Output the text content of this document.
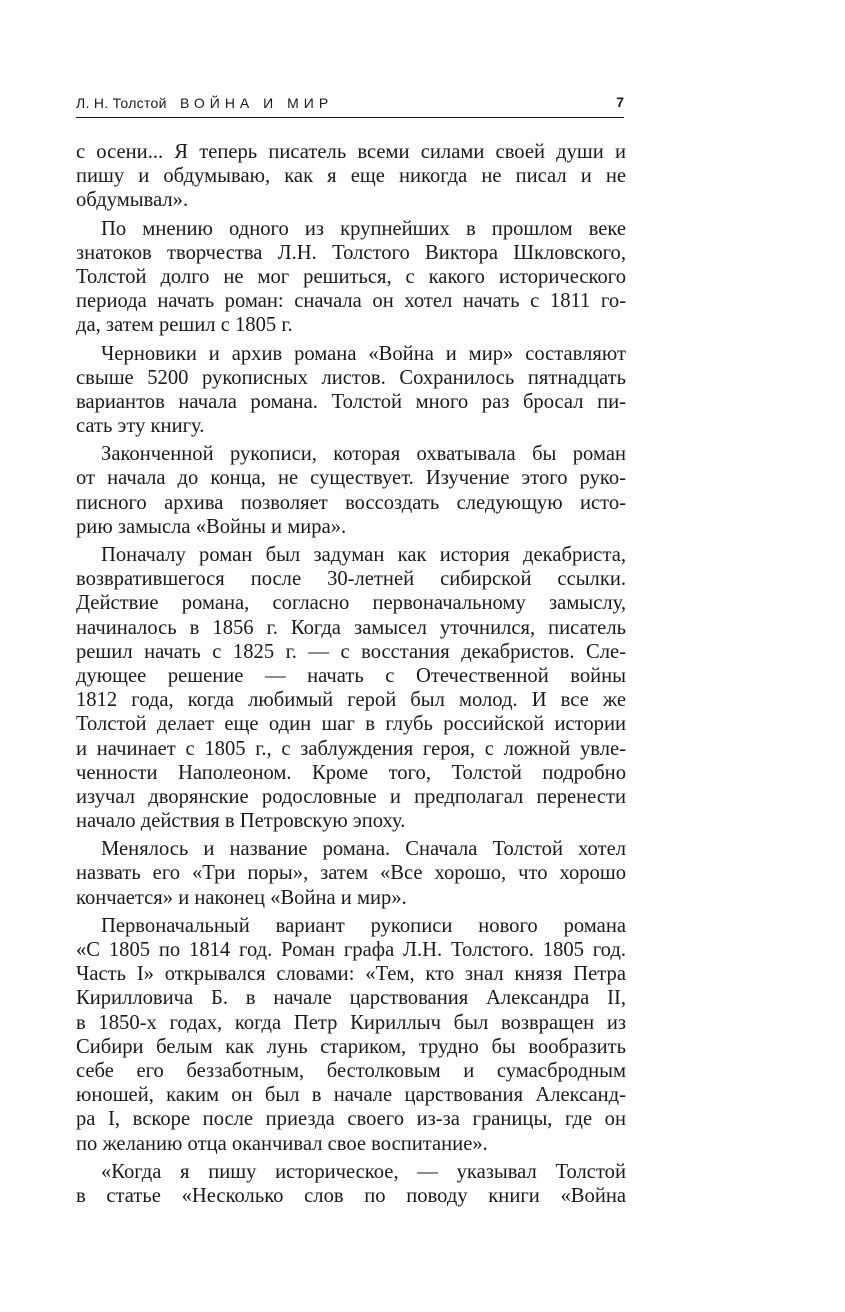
Л. Н. Толстой ВОЙНА И МИР	7
с осени... Я теперь писатель всеми силами своей души и
пишу и обдумываю, как я еще никогда не писал и не
обдумывал».
По мнению одного из крупнейших в прошлом веке
знатоков творчества Л.Н. Толстого Виктора Шкловского,
Толстой долго не мог решиться, с какого исторического
периода начать роман: сначала он хотел начать с 1811 го-
да, затем решил с 1805 г.
Черновики и архив романа «Война и мир» составляют
свыше 5200 рукописных листов. Сохранилось пятнадцать
вариантов начала романа. Толстой много раз бросал пи-
сать эту книгу.
Законченной рукописи, которая охватывала бы роман
от начала до конца, не существует. Изучение этого руко-
писного архива позволяет воссоздать следующую исто-
рию замысла «Войны и мира».
Поначалу роман был задуман как история декабриста,
возвратившегося после 30-летней сибирской ссылки.
Действие романа, согласно первоначальному замыслу,
начиналось в 1856 г. Когда замысел уточнился, писатель
решил начать с 1825 г. — с восстания декабристов. Сле-
дующее решение — начать с Отечественной войны
1812 года, когда любимый герой был молод. И все же
Толстой делает еще один шаг в глубь российской истории
и начинает с 1805 г., с заблуждения героя, с ложной увле-
ченности Наполеоном. Кроме того, Толстой подробно
изучал дворянские родословные и предполагал перенести
начало действия в Петровскую эпоху.
Менялось и название романа. Сначала Толстой хотел
назвать его «Три поры», затем «Все хорошо, что хорошо
кончается» и наконец «Война и мир».
Первоначальный вариант рукописи нового романа
«С 1805 по 1814 год. Роман графа Л.Н. Толстого. 1805 год.
Часть I» открывался словами: «Тем, кто знал князя Петра
Кирилловича Б. в начале царствования Александра II,
в 1850-х годах, когда Петр Кириллыч был возвращен из
Сибири белым как лунь стариком, трудно бы вообразить
себе его беззаботным, бестолковым и сумасбродным
юношей, каким он был в начале царствования Александ-
ра I, вскоре после приезда своего из-за границы, где он
по желанию отца оканчивал свое воспитание».
«Когда я пишу историческое, — указывал Толстой
в статье «Несколько слов по поводу книги «Война
